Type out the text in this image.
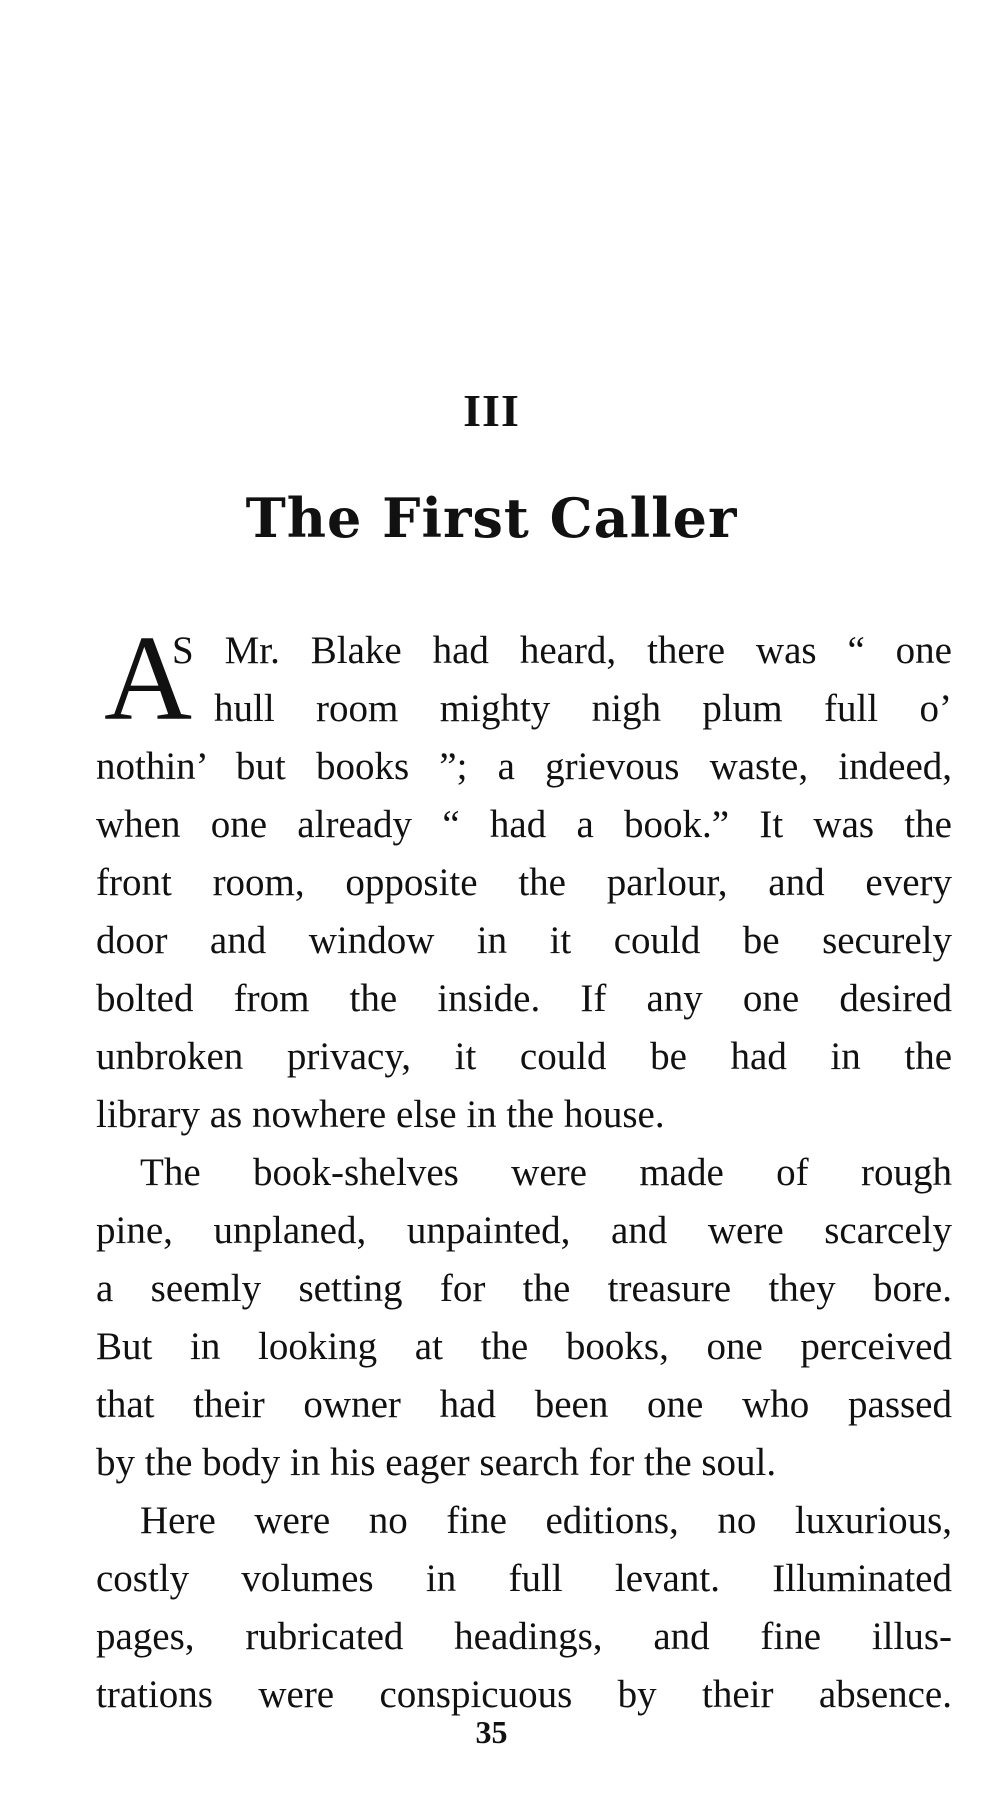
III
The First Caller
A
S Mr. Blake had heard, there was “ one
hull room mighty nigh plum full o’
nothin’ but books ”; a grievous waste, indeed,
when one already “ had a book.” It was the
front room, opposite the parlour, and every
door and window in it could be securely
bolted from the inside. If any one desired
unbroken privacy, it could be had in the
library as nowhere else in the house.
The book-shelves were made of rough
pine, unplaned, unpainted, and were scarcely
a seemly setting for the treasure they bore.
But in looking at the books, one perceived
that their owner had been one who passed
by the body in his eager search for the soul.
Here were no fine editions, no luxurious,
costly volumes in full levant. Illuminated
pages, rubricated headings, and fine illus-
trations were conspicuous by their absence.
35
